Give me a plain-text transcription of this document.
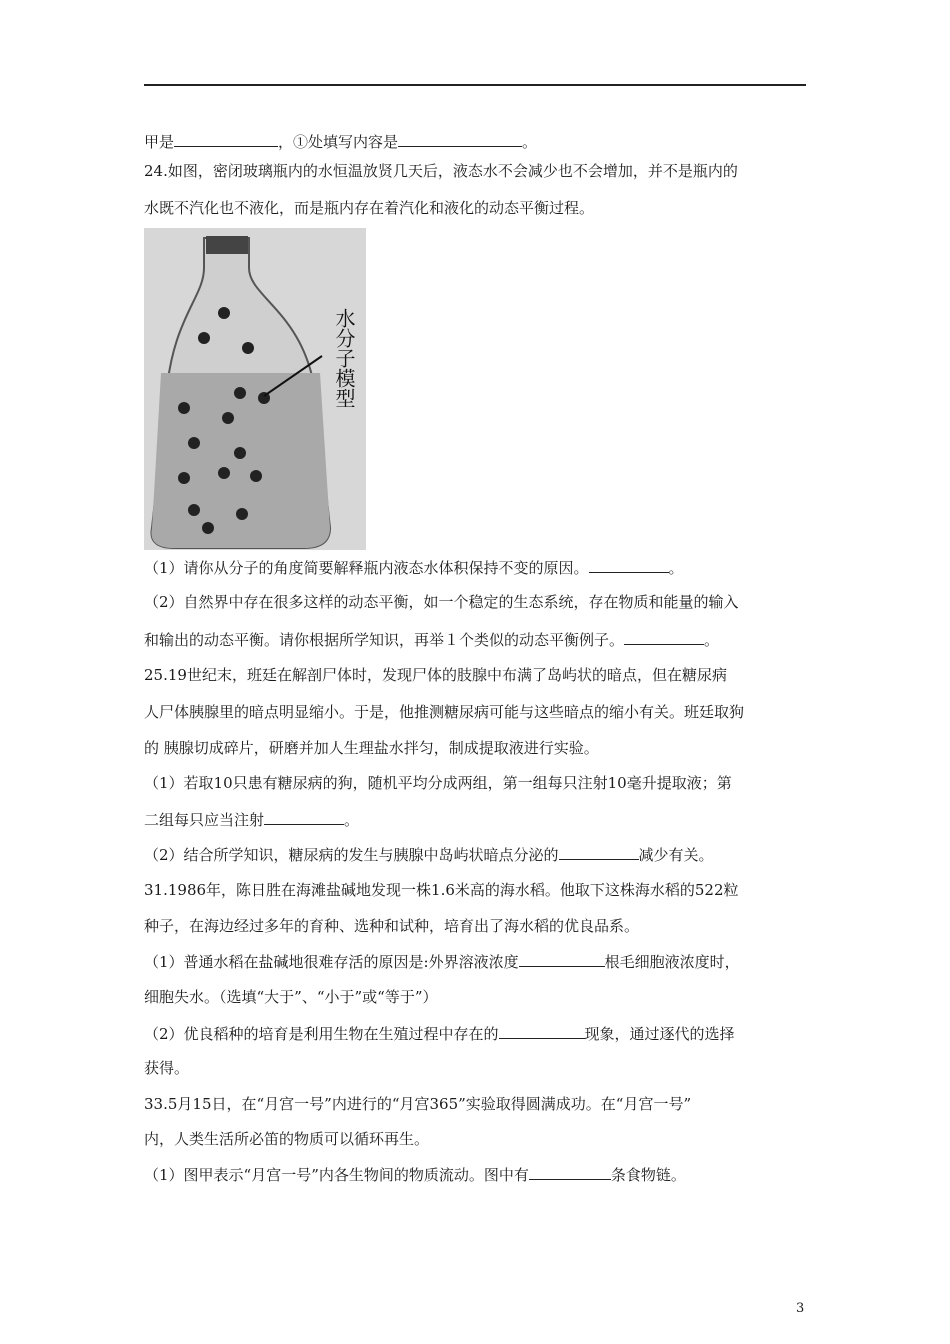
甲是	，①处填写内容是	。
24.如图，密闭玻璃瓶内的水恒温放贤几天后，液态水不会减少也不会增加，并不是瓶内的
水既不汽化也不液化，而是瓶内存在着汽化和液化的动态平衡过程。
水分子模型
（1）请你从分子的角度简要解释瓶内液态水体积保持不变的原因。	。
（2）自然界中存在很多这样的动态平衡，如一个稳定的生态系统，存在物质和能量的输入
和输出的动态平衡。请你根据所学知识，再举１个类似的动态平衡例子。	。
25.19世纪末，班廷在解剖尸体时，发现尸体的肢腺中布满了岛屿状的暗点，但在糖尿病
人尸体胰腺里的暗点明显缩小。于是，他推测糖尿病可能与这些暗点的缩小有关。班廷取狗
的 胰腺切成碎片，研磨并加人生理盐水拌匀，制成提取液进行实验。
（1）若取10只患有糖尿病的狗，随机平均分成两组，第一组每只注射10毫升提取液；第
二组每只应当注射	。
（2）结合所学知识，糖尿病的发生与胰腺中岛屿状暗点分泌的	减少有关。
31.1986年，陈日胜在海滩盐碱地发现一株1.6米高的海水稻。他取下这株海水稻的522粒
种子，在海边经过多年的育种、选种和试种，培育出了海水稻的优良品系。
（1）普通水稻在盐碱地很难存活的原因是:外界溶液浓度	根毛细胞液浓度时，
细胞失水。（选填“大于”、“小于”或“等于”）
（2）优良稻种的培育是利用生物在生殖过程中存在的	现象，通过逐代的选择
获得。
33.5月15日，在“月宫一号”内进行的“月宫365”实验取得圆满成功。在“月宫一号”
内，人类生活所必笛的物质可以循环再生。
（1）图甲表示“月宫一号”内各生物间的物质流动。图中有	条食物链。
3
